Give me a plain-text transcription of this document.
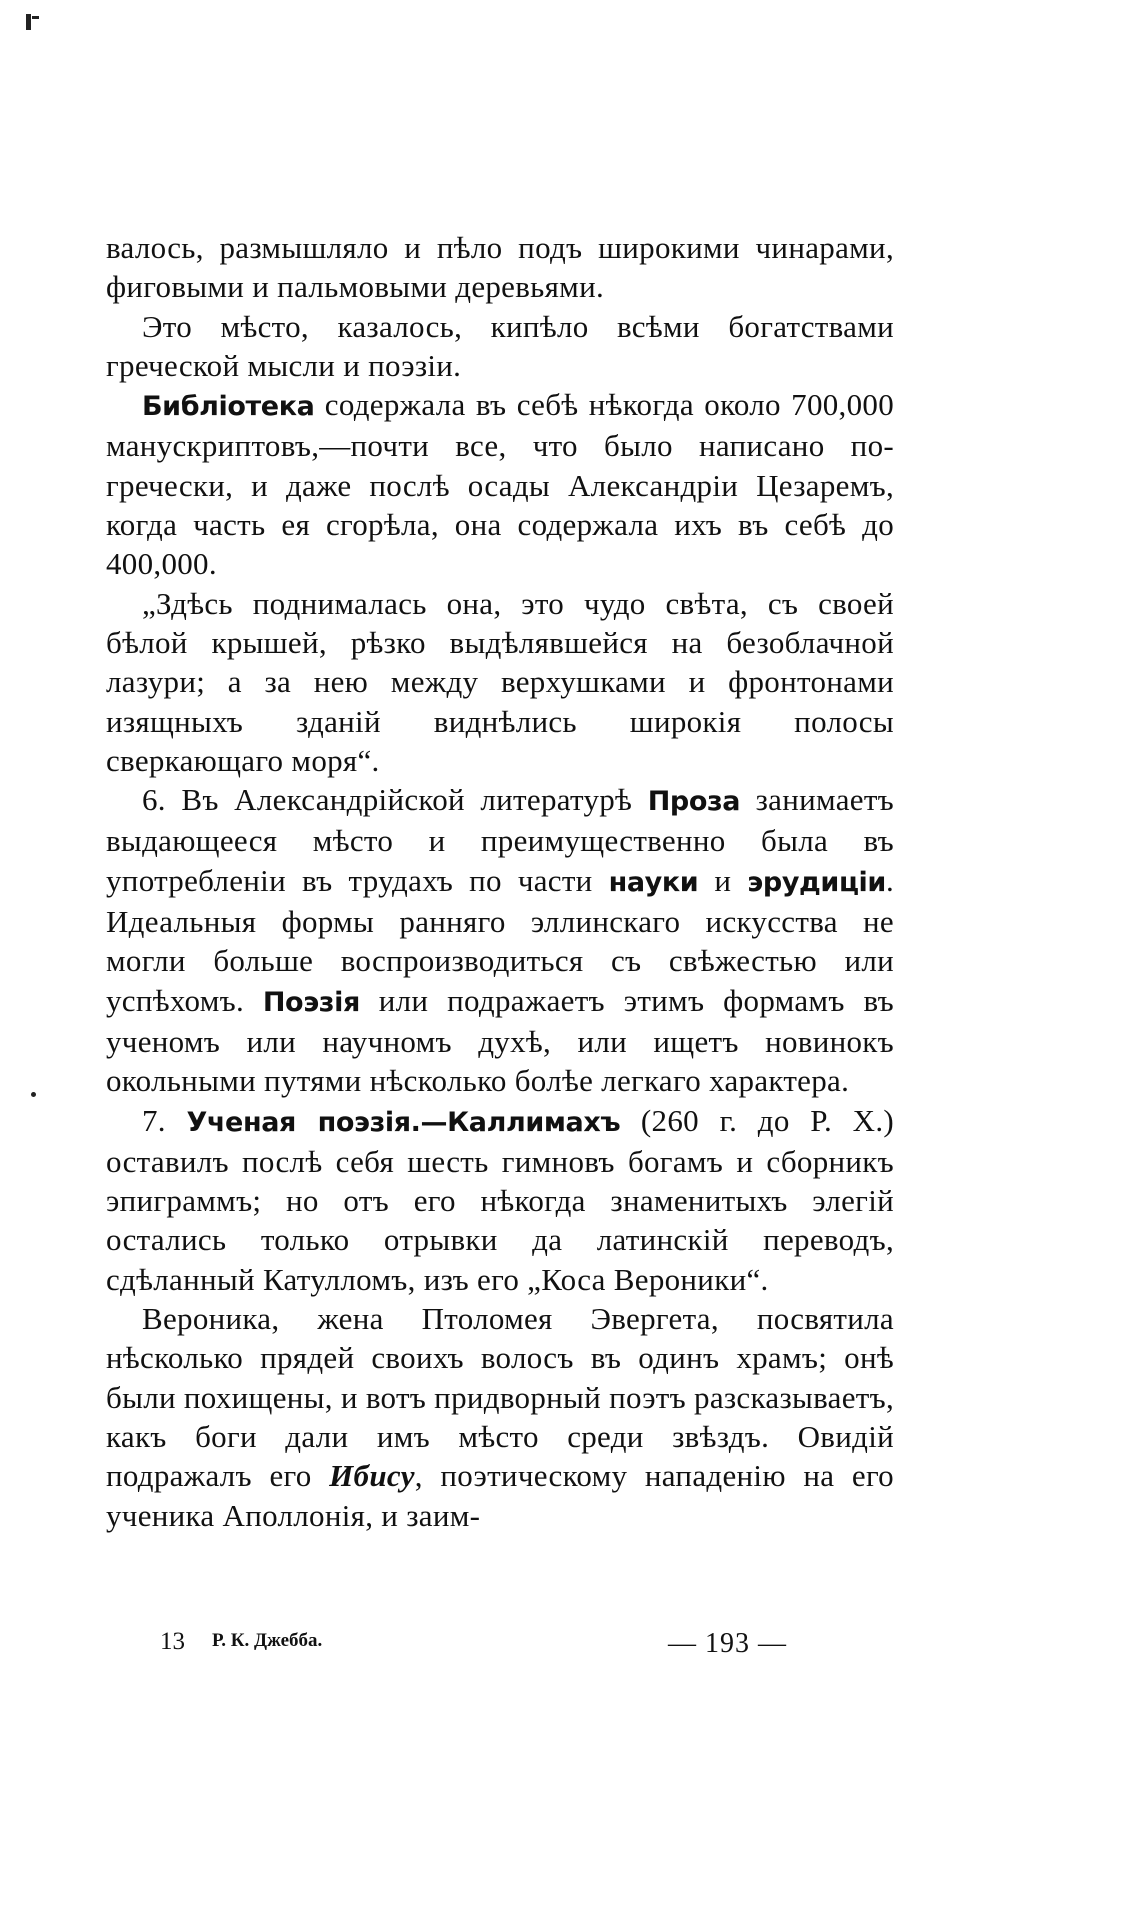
валось, размышляло и пѣло подъ широкими чинарами, фиговыми и пальмовыми деревьями.

Это мѣсто, казалось, кипѣло всѣми богатствами греческой мысли и поэзіи.

Библіотека содержала въ себѣ нѣкогда около 700,000 манускриптовъ,—почти все, что было написано по-гречески, и даже послѣ осады Александріи Цезаремъ, когда часть ея сгорѣла, она содержала ихъ въ себѣ до 400,000.

„Здѣсь поднималась она, это чудо свѣта, съ своей бѣлой крышей, рѣзко выдѣлявшейся на безоблачной лазури; а за нею между верхушками и фронтонами изящныхъ зданій виднѣлись широкія полосы сверкающаго моря“.

6. Въ Александрійской литературѣ Проза занимаетъ выдающееся мѣсто и преимущественно была въ употребленіи въ трудахъ по части науки и эрудиціи. Идеальныя формы ранняго эллинскаго искусства не могли больше воспроизводиться съ свѣжестью или успѣхомъ. Поэзія или подражаетъ этимъ формамъ въ ученомъ или научномъ духѣ, или ищетъ новинокъ окольными путями нѣсколько болѣе легкаго характера.

7. Ученая поэзія.—Каллимахъ (260 г. до Р. Х.) оставилъ послѣ себя шесть гимновъ богамъ и сборникъ эпиграммъ; но отъ его нѣкогда знаменитыхъ элегій остались только отрывки да латинскій переводъ, сдѣланный Катулломъ, изъ его „Коса Вероники“.

Вероника, жена Птоломея Эвергета, посвятила нѣсколько прядей своихъ волосъ въ одинъ храмъ; онѣ были похищены, и вотъ придворный поэтъ разсказываетъ, какъ боги дали имъ мѣсто среди звѣздъ. Овидій подражалъ его Ибису, поэтическому нападенію на его ученика Аполлонія, и заим-

13 Р. К. Джебба.	— 193 —
